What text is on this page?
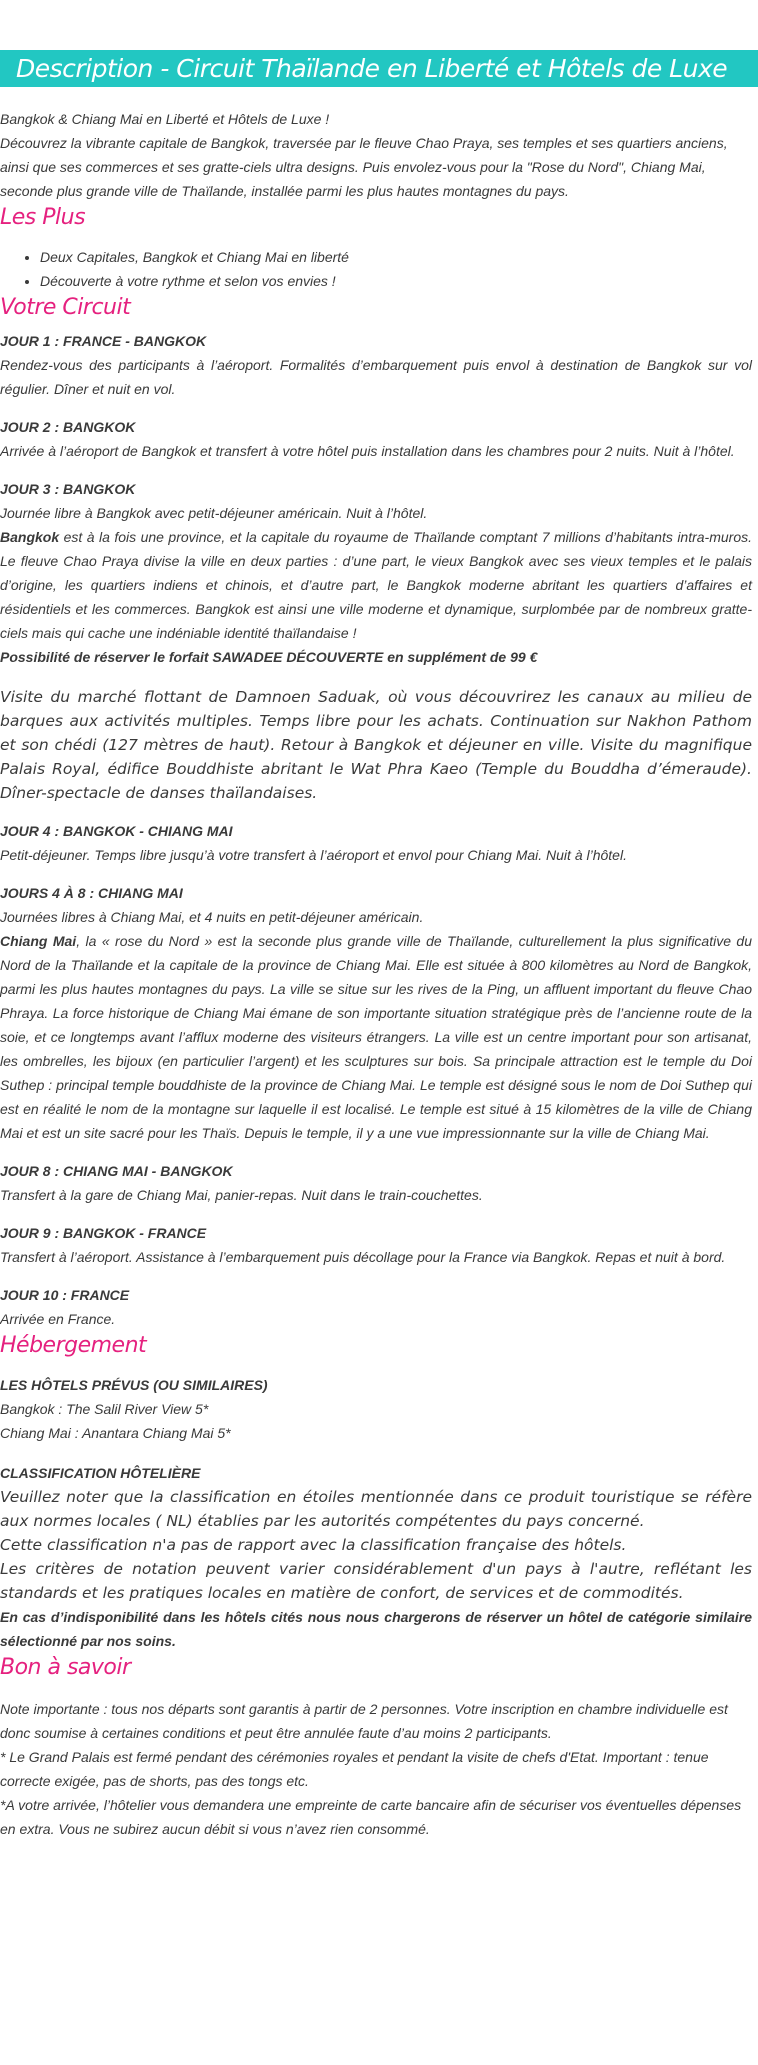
Description - Circuit Thaïlande en Liberté et Hôtels de Luxe
Bangkok & Chiang Mai en Liberté et Hôtels de Luxe !
Découvrez la vibrante capitale de Bangkok, traversée par le fleuve Chao Praya, ses temples et ses quartiers anciens, ainsi que ses commerces et ses gratte-ciels ultra designs. Puis envolez-vous pour la "Rose du Nord", Chiang Mai, seconde plus grande ville de Thaïlande, installée parmi les plus hautes montagnes du pays.
Les Plus
• Deux Capitales, Bangkok et Chiang Mai en liberté
• Découverte à votre rythme et selon vos envies !
Votre Circuit
JOUR 1 : FRANCE - BANGKOK
Rendez-vous des participants à l’aéroport. Formalités d’embarquement puis envol à destination de Bangkok sur vol régulier. Dîner et nuit en vol.
JOUR 2 : BANGKOK
Arrivée à l’aéroport de Bangkok et transfert à votre hôtel puis installation dans les chambres pour 2 nuits. Nuit à l’hôtel.
JOUR 3 : BANGKOK
Journée libre à Bangkok avec petit-déjeuner américain. Nuit à l’hôtel.
Bangkok est à la fois une province, et la capitale du royaume de Thaïlande comptant 7 millions d’habitants intra-muros. Le fleuve Chao Praya divise la ville en deux parties : d’une part, le vieux Bangkok avec ses vieux temples et le palais d’origine, les quartiers indiens et chinois, et d’autre part, le Bangkok moderne abritant les quartiers d’affaires et résidentiels et les commerces. Bangkok est ainsi une ville moderne et dynamique, surplombée par de nombreux gratte-ciels mais qui cache une indéniable identité thaïlandaise !
Possibilité de réserver le forfait SAWADEE DÉCOUVERTE en supplément de 99 €
Visite du marché flottant de Damnoen Saduak, où vous découvrirez les canaux au milieu de barques aux activités multiples. Temps libre pour les achats. Continuation sur Nakhon Pathom et son chédi (127 mètres de haut). Retour à Bangkok et déjeuner en ville. Visite du magnifique Palais Royal, édifice Bouddhiste abritant le Wat Phra Kaeo (Temple du Bouddha d’émeraude). Dîner-spectacle de danses thaïlandaises.
JOUR 4 : BANGKOK - CHIANG MAI
Petit-déjeuner. Temps libre jusqu’à votre transfert à l’aéroport et envol pour Chiang Mai. Nuit à l’hôtel.
JOURS 4 À 8 : CHIANG MAI
Journées libres à Chiang Mai, et 4 nuits en petit-déjeuner américain.
Chiang Mai, la « rose du Nord » est la seconde plus grande ville de Thaïlande, culturellement la plus significative du Nord de la Thaïlande et la capitale de la province de Chiang Mai. Elle est située à 800 kilomètres au Nord de Bangkok, parmi les plus hautes montagnes du pays. La ville se situe sur les rives de la Ping, un affluent important du fleuve Chao Phraya. La force historique de Chiang Mai émane de son importante situation stratégique près de l’ancienne route de la soie, et ce longtemps avant l’afflux moderne des visiteurs étrangers. La ville est un centre important pour son artisanat, les ombrelles, les bijoux (en particulier l’argent) et les sculptures sur bois. Sa principale attraction est le temple du Doi Suthep : principal temple bouddhiste de la province de Chiang Mai. Le temple est désigné sous le nom de Doi Suthep qui est en réalité le nom de la montagne sur laquelle il est localisé. Le temple est situé à 15 kilomètres de la ville de Chiang Mai et est un site sacré pour les Thaïs. Depuis le temple, il y a une vue impressionnante sur la ville de Chiang Mai.
JOUR 8 : CHIANG MAI - BANGKOK
Transfert à la gare de Chiang Mai, panier-repas. Nuit dans le train-couchettes.
JOUR 9 : BANGKOK - FRANCE
Transfert à l’aéroport. Assistance à l’embarquement puis décollage pour la France via Bangkok. Repas et nuit à bord.
JOUR 10 : FRANCE
Arrivée en France.
Hébergement
LES HÔTELS PRÉVUS (OU SIMILAIRES)
Bangkok : The Salil River View 5*
Chiang Mai : Anantara Chiang Mai 5*
CLASSIFICATION HÔTELIÈRE
Veuillez noter que la classification en étoiles mentionnée dans ce produit touristique se réfère aux normes locales ( NL) établies par les autorités compétentes du pays concerné.
Cette classification n'a pas de rapport avec la classification française des hôtels.
Les critères de notation peuvent varier considérablement d'un pays à l'autre, reflétant les standards et les pratiques locales en matière de confort, de services et de commodités.
En cas d’indisponibilité dans les hôtels cités nous nous chargerons de réserver un hôtel de catégorie similaire sélectionné par nos soins.
Bon à savoir
Note importante : tous nos départs sont garantis à partir de 2 personnes. Votre inscription en chambre individuelle est donc soumise à certaines conditions et peut être annulée faute d’au moins 2 participants.
* Le Grand Palais est fermé pendant des cérémonies royales et pendant la visite de chefs d'Etat. Important : tenue correcte exigée, pas de shorts, pas des tongs etc.
*A votre arrivée, l’hôtelier vous demandera une empreinte de carte bancaire afin de sécuriser vos éventuelles dépenses en extra. Vous ne subirez aucun débit si vous n’avez rien consommé.
